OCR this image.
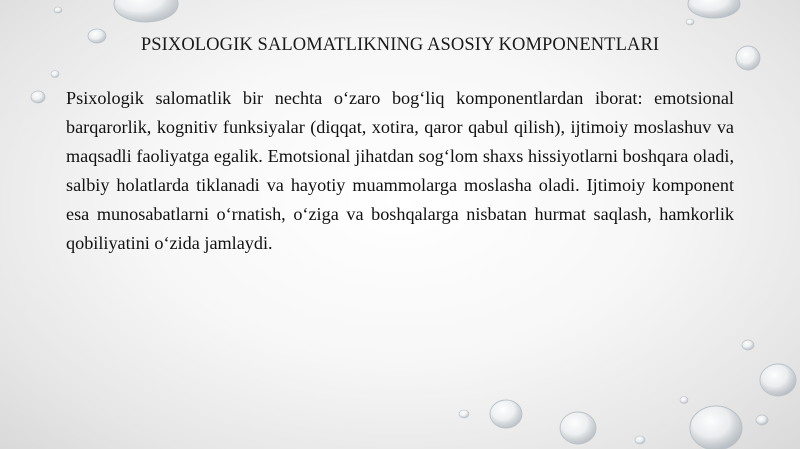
PSIXOLOGIK SALOMATLIKNING ASOSIY KOMPONENTLARI

Psixologik salomatlik bir nechta o‘zaro bog‘liq komponentlardan iborat: emotsional barqarorlik, kognitiv funksiyalar (diqqat, xotira, qaror qabul qilish), ijtimoiy moslashuv va maqsadli faoliyatga egalik. Emotsional jihatdan sog‘lom shaxs hissiyotlarni boshqara oladi, salbiy holatlarda tiklanadi va hayotiy muammolarga moslasha oladi. Ijtimoiy komponent esa munosabatlarni o‘rnatish, o‘ziga va boshqalarga nisbatan hurmat saqlash, hamkorlik qobiliyatini o‘zida jamlaydi.
